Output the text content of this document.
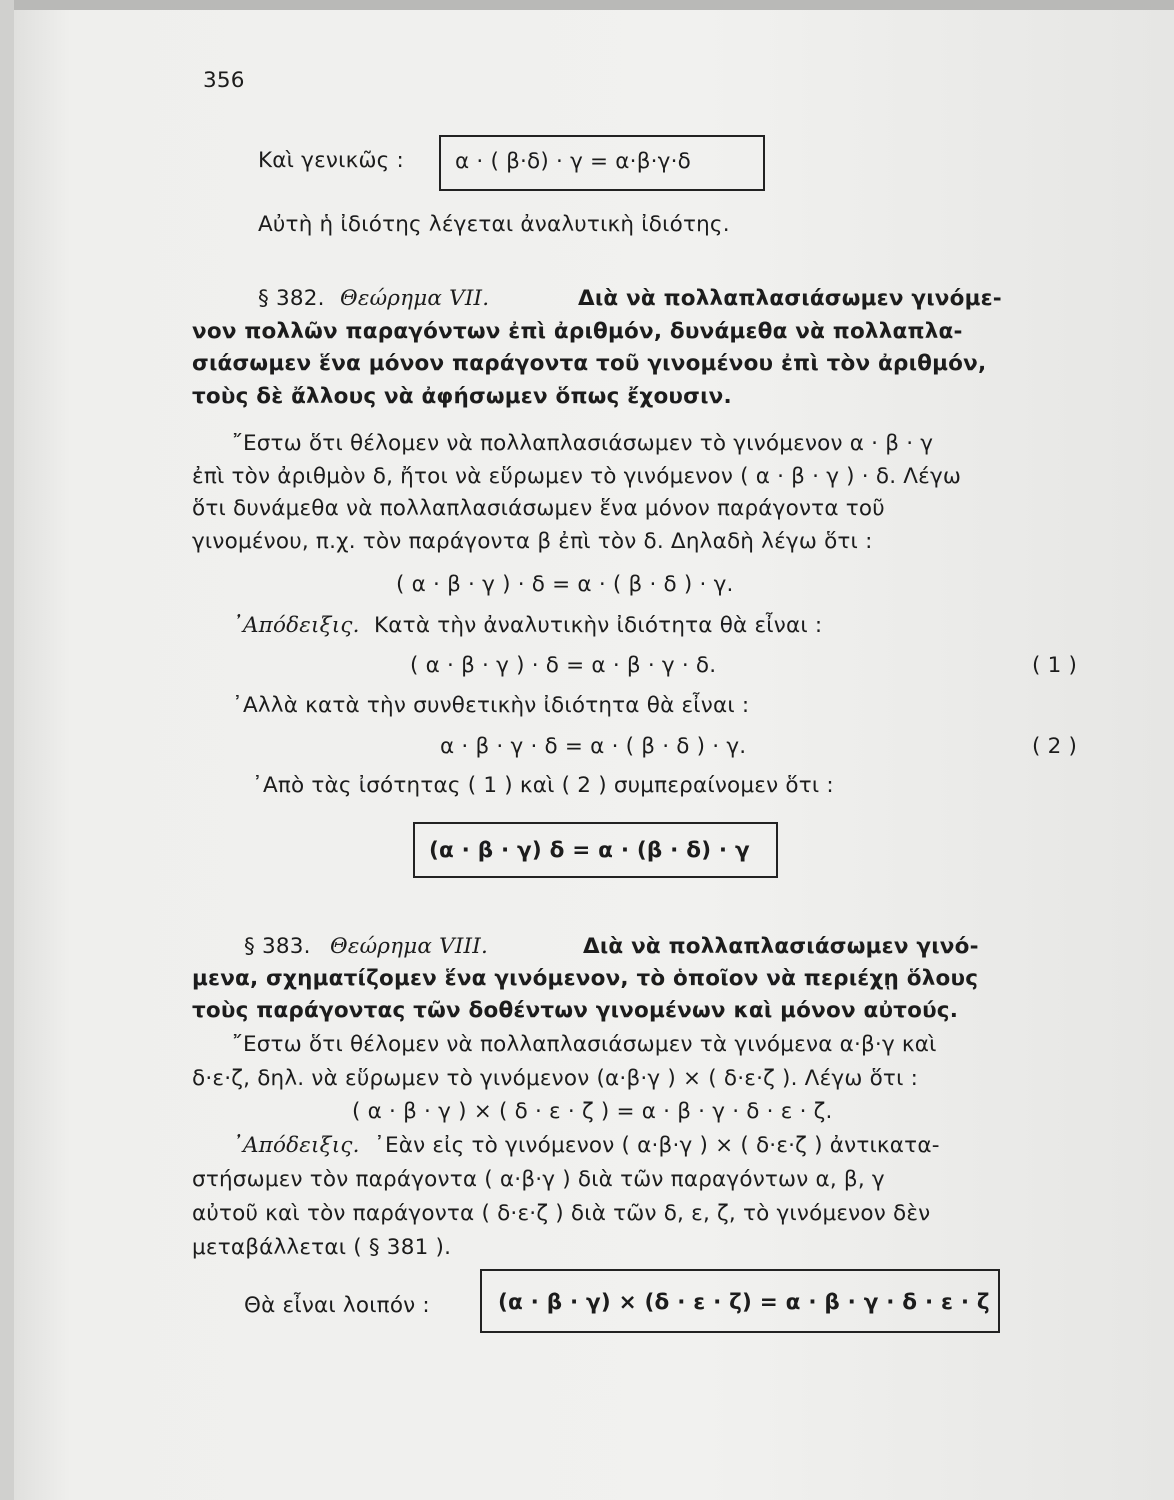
356
Καὶ γενικῶς : α · ( β·δ) · γ = α·β·γ·δ
Αὐτὴ ἡ ἰδιότης λέγεται ἀναλυτικὴ ἰδιότης.
§ 382. Θεώρημα VII.	Διὰ νὰ πολλαπλασιάσωμεν γινόμε-
νον πολλῶν παραγόντων ἐπὶ ἀριθμόν, δυνάμεθα νὰ πολλαπλα-
σιάσωμεν ἕνα μόνον παράγοντα τοῦ γινομένου ἐπὶ τὸν ἀριθμόν,
τοὺς δὲ ἄλλους νὰ ἀφήσωμεν ὅπως ἔχουσιν.
῎Εστω ὅτι θέλομεν νὰ πολλαπλασιάσωμεν τὸ γινόμενον α · β · γ
ἐπὶ τὸν ἀριθμὸν δ, ἤτοι νὰ εὕρωμεν τὸ γινόμενον ( α · β · γ ) · δ. Λέγω
ὅτι δυνάμεθα νὰ πολλαπλασιάσωμεν ἕνα μόνον παράγοντα τοῦ
γινομένου, π.χ. τὸν παράγοντα β ἐπὶ τὸν δ. Δηλαδὴ λέγω ὅτι :
( α · β · γ ) · δ = α · ( β · δ ) · γ.
᾿Απόδειξις. Κατὰ τὴν ἀναλυτικὴν ἰδιότητα θὰ εἶναι :
( α · β · γ ) · δ = α · β · γ · δ.	( 1 )
᾿Αλλὰ κατὰ τὴν συνθετικὴν ἰδιότητα θὰ εἶναι :
α · β · γ · δ = α · ( β · δ ) · γ.	( 2 )
᾿Απὸ τὰς ἰσότητας ( 1 ) καὶ ( 2 ) συμπεραίνομεν ὅτι :
(α · β · γ) δ = α · (β · δ) · γ
§ 383. Θεώρημα VIII.	Διὰ νὰ πολλαπλασιάσωμεν γινό-
μενα, σχηματίζομεν ἕνα γινόμενον, τὸ ὁποῖον νὰ περιέχῃ ὅλους
τοὺς παράγοντας τῶν δοθέντων γινομένων καὶ μόνον αὐτούς.
῎Εστω ὅτι θέλομεν νὰ πολλαπλασιάσωμεν τὰ γινόμενα α·β·γ καὶ
δ·ε·ζ, δηλ. νὰ εὕρωμεν τὸ γινόμενον (α·β·γ ) × ( δ·ε·ζ ). Λέγω ὅτι :
( α · β · γ ) × ( δ · ε · ζ ) = α · β · γ · δ · ε · ζ.
᾿Απόδειξις. ᾿Εὰν εἰς τὸ γινόμενον ( α·β·γ ) × ( δ·ε·ζ ) ἀντικατα-
στήσωμεν τὸν παράγοντα ( α·β·γ ) διὰ τῶν παραγόντων α, β, γ
αὐτοῦ καὶ τὸν παράγοντα ( δ·ε·ζ ) διὰ τῶν δ, ε, ζ, τὸ γινόμενον δὲν
μεταβάλλεται ( § 381 ).
Θὰ εἶναι λοιπόν :	(α · β · γ) × (δ · ε · ζ) = α · β · γ · δ · ε · ζ
